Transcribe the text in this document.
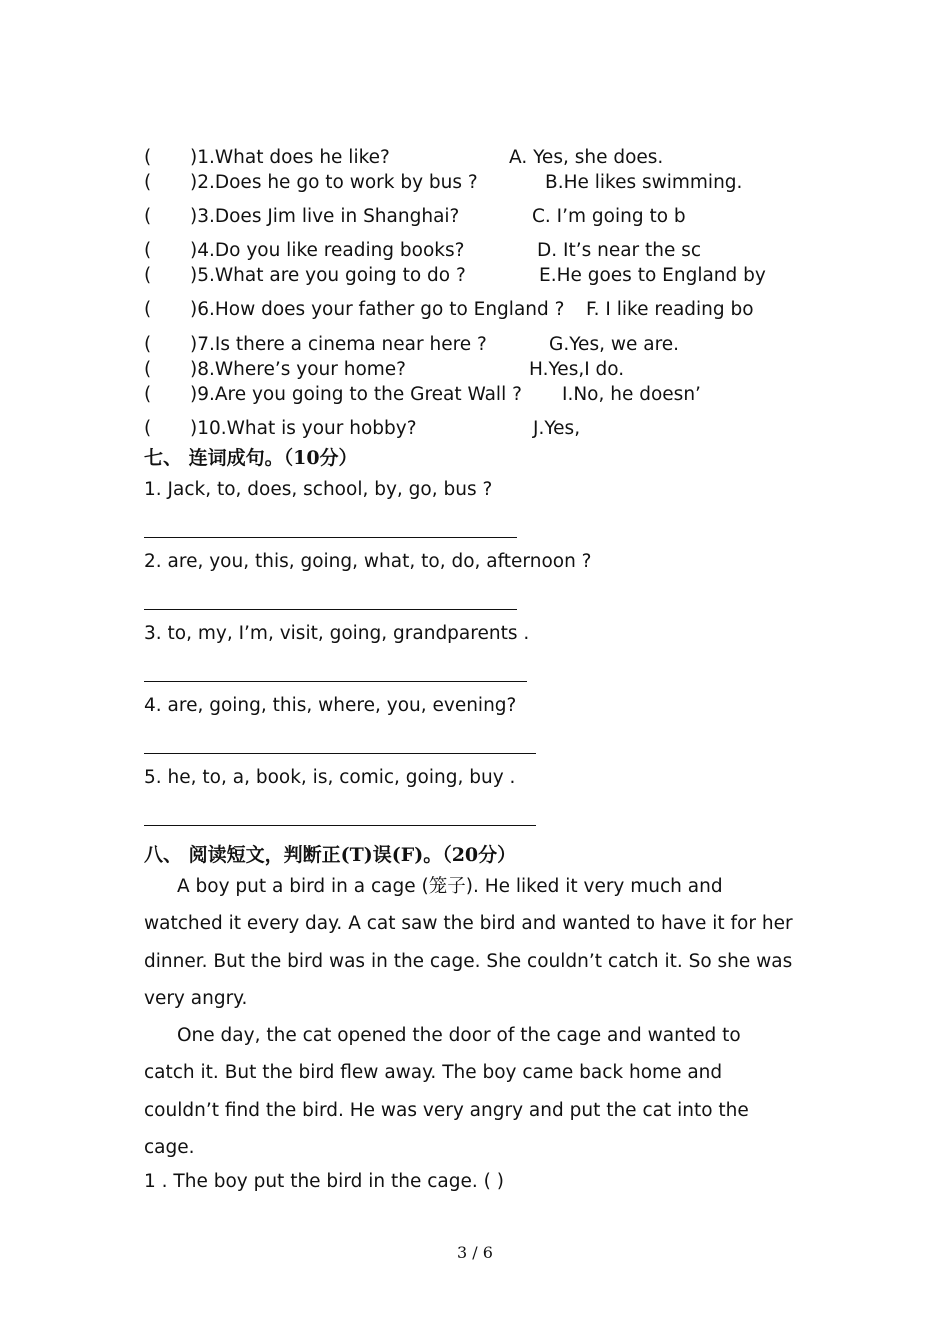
( )1.What does he like?	A. Yes, she does.
( )2.Does he go to work by bus ?	B.He likes swimming.
( )3.Does Jim live in Shanghai?	C. I’m going to b
( )4.Do you like reading books?	D. It’s near the sc
( )5.What are you going to do ?	E.He goes to England by
( )6.How does your father go to England ? F. I like reading bo
( )7.Is there a cinema near here ?	G.Yes, we are.
( )8.Where’s your home?	H.Yes,I do.
( )9.Are you going to the Great Wall ? I.No, he doesn’
( )10.What is your hobby?	J.Yes,
七、 连词成句。（10分）
1. Jack, to, does, school, by, go, bus ?
2. are, you, this, going, what, to, do, afternoon ?
3. to, my, I’m, visit, going, grandparents .
4. are, going, this, where, you, evening?
5. he, to, a, book, is, comic, going, buy .
八、 阅读短文，判断正(T)误(F)。（20分）

A boy put a bird in a cage (笼子). He liked it very much and watched it every day. A cat saw the bird and wanted to have it for her dinner. But the bird was in the cage. She couldn’t catch it. So she was very angry.

One day, the cat opened the door of the cage and wanted to catch it. But the bird flew away. The boy came back home and couldn’t find the bird. He was very angry and put the cat into the cage.

1 . The boy put the bird in the cage. ( )
3 / 6
